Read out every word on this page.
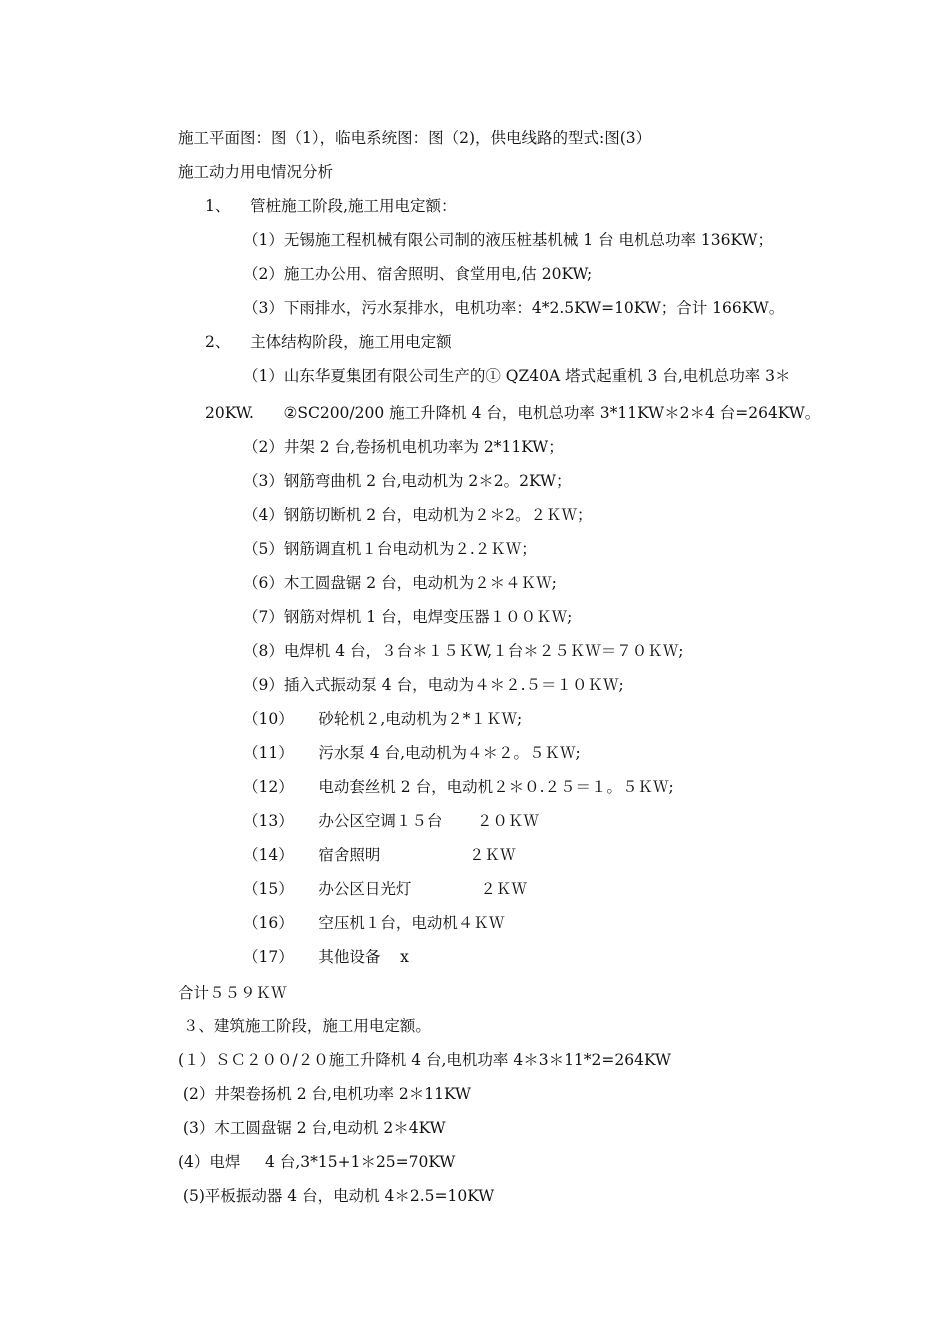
施工平面图：图（1），临电系统图：图（2)，供电线路的型式:图(3）
施工动力用电情况分析
1、    管桩施工阶段,施工用电定额：
（1）无锡施工程机械有限公司制的液压桩基机械 1 台 电机总功率 136KW；
（2）施工办公用、宿舍照明、食堂用电,估 20KW;
（3）下雨排水，污水泵排水，电机功率：4*2.5KW=10KW；合计 166KW。
2、    主体结构阶段，施工用电定额
（1）山东华夏集团有限公司生产的① QZ40A 塔式起重机 3 台,电机总功率 3＊
20KW.      ②SC200/200 施工升降机 4 台，电机总功率 3*11KW＊2＊4 台=264KW。
（2）井架 2 台,卷扬机电机功率为 2*11KW；
（3）钢筋弯曲机 2 台,电动机为 2＊2。2KW；
（4）钢筋切断机 2 台，电动机为２＊2。２ＫＷ；
（5）钢筋调直机１台电动机为２.２ＫＷ；
（6）木工圆盘锯 2 台，电动机为２＊４ＫＷ;
（7）钢筋对焊机 1 台，电焊变压器１００ＫＷ;
（8）电焊机 4 台，３台＊１５ＫW,１台＊２５ＫＷ＝７０ＫＷ;
（9）插入式振动泵 4 台，电动为４＊２.５＝１０ＫＷ;
（10）     砂轮机２,电动机为２*１ＫＷ;
（11）     污水泵 4 台,电动机为４＊２。５ＫＷ;
（12）     电动套丝机 2 台，电动机２＊０.２５＝１。５ＫＷ;
（13）     办公区空调１５台       ２０ＫＷ
（14）     宿舍照明                  ２ＫＷ
（15）     办公区日光灯              ２ＫＷ
（16）     空压机１台，电动机４ＫＷ
（17）     其他设备    x
合计５５９ＫＷ
３、建筑施工阶段，施工用电定额。
(１）ＳＣ２００/２０施工升降机 4 台,电机功率 4＊3＊11*2=264KW
(2）井架卷扬机 2 台,电机功率 2＊11KW
(3）木工圆盘锯 2 台,电动机 2＊4KW
(4）电焊     4 台,3*15+1＊25=70KW
(5)平板振动器 4 台，电动机 4＊2.5=10KW
